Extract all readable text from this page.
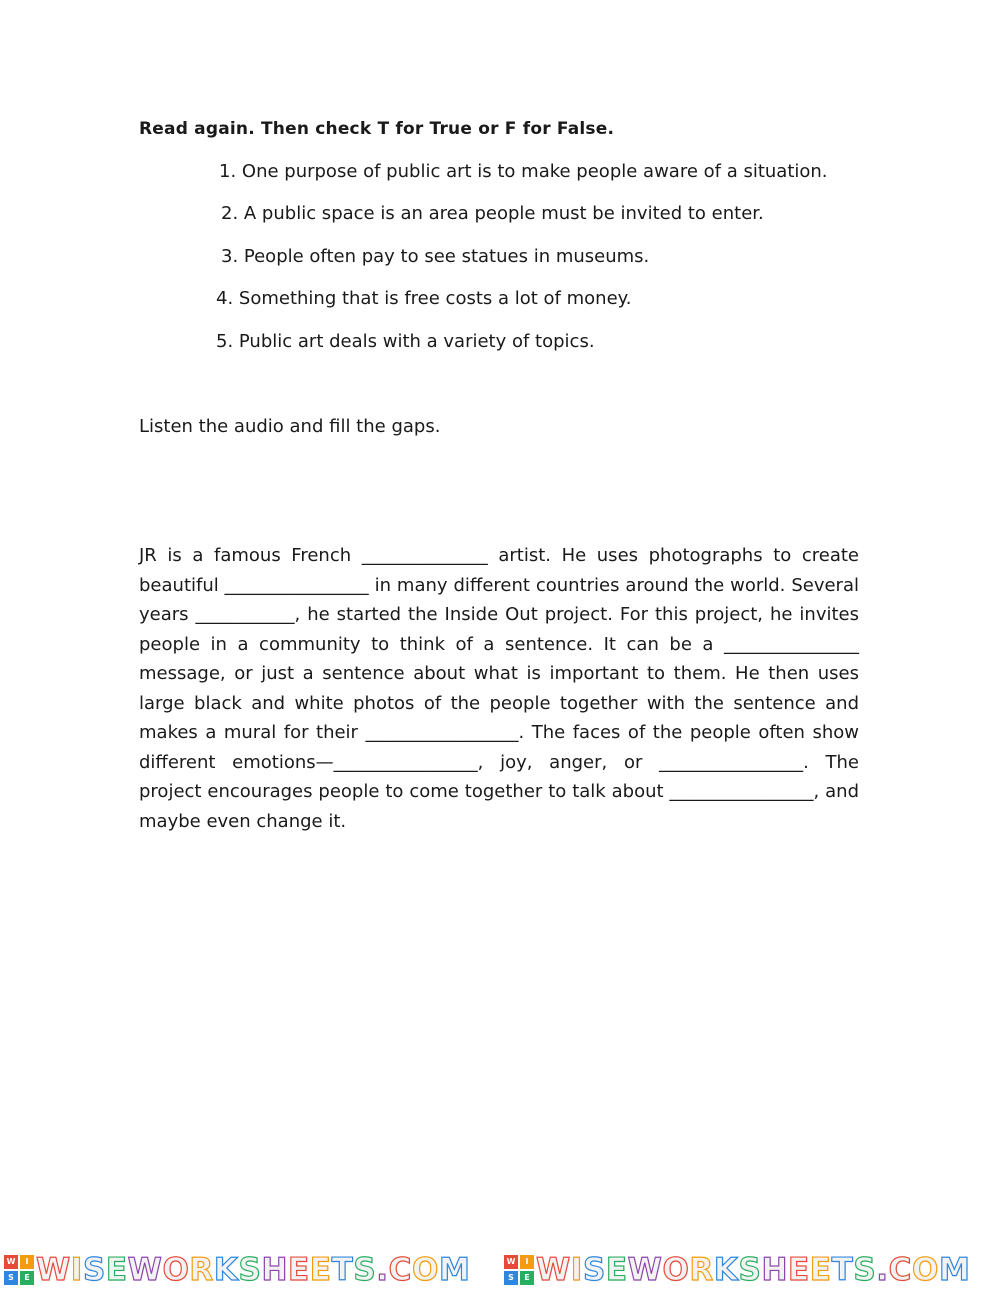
Read again. Then check T for True or F for False.
1. One purpose of public art is to make people aware of a situation.
2. A public space is an area people must be invited to enter.
3. People often pay to see statues in museums.
4. Something that is free costs a lot of money.
5. Public art deals with a variety of topics.
Listen the audio and fill the gaps.
JR is a famous French ______________ artist. He uses photographs to create beautiful ________________ in many different countries around the world. Several years ___________, he started the Inside Out project. For this project, he invites people in a community to think of a sentence. It can be a _______________ message, or just a sentence about what is important to them. He then uses large black and white photos of the people together with the sentence and makes a mural for their _________________. The faces of the people often show different emotions—________________, joy, anger, or ________________. The project encourages people to come together to talk about ________________, and maybe even change it.
W	I
S	E WISEWORKSHEETS.COM	W	I
S	E WISEWORKSHEETS.COM
